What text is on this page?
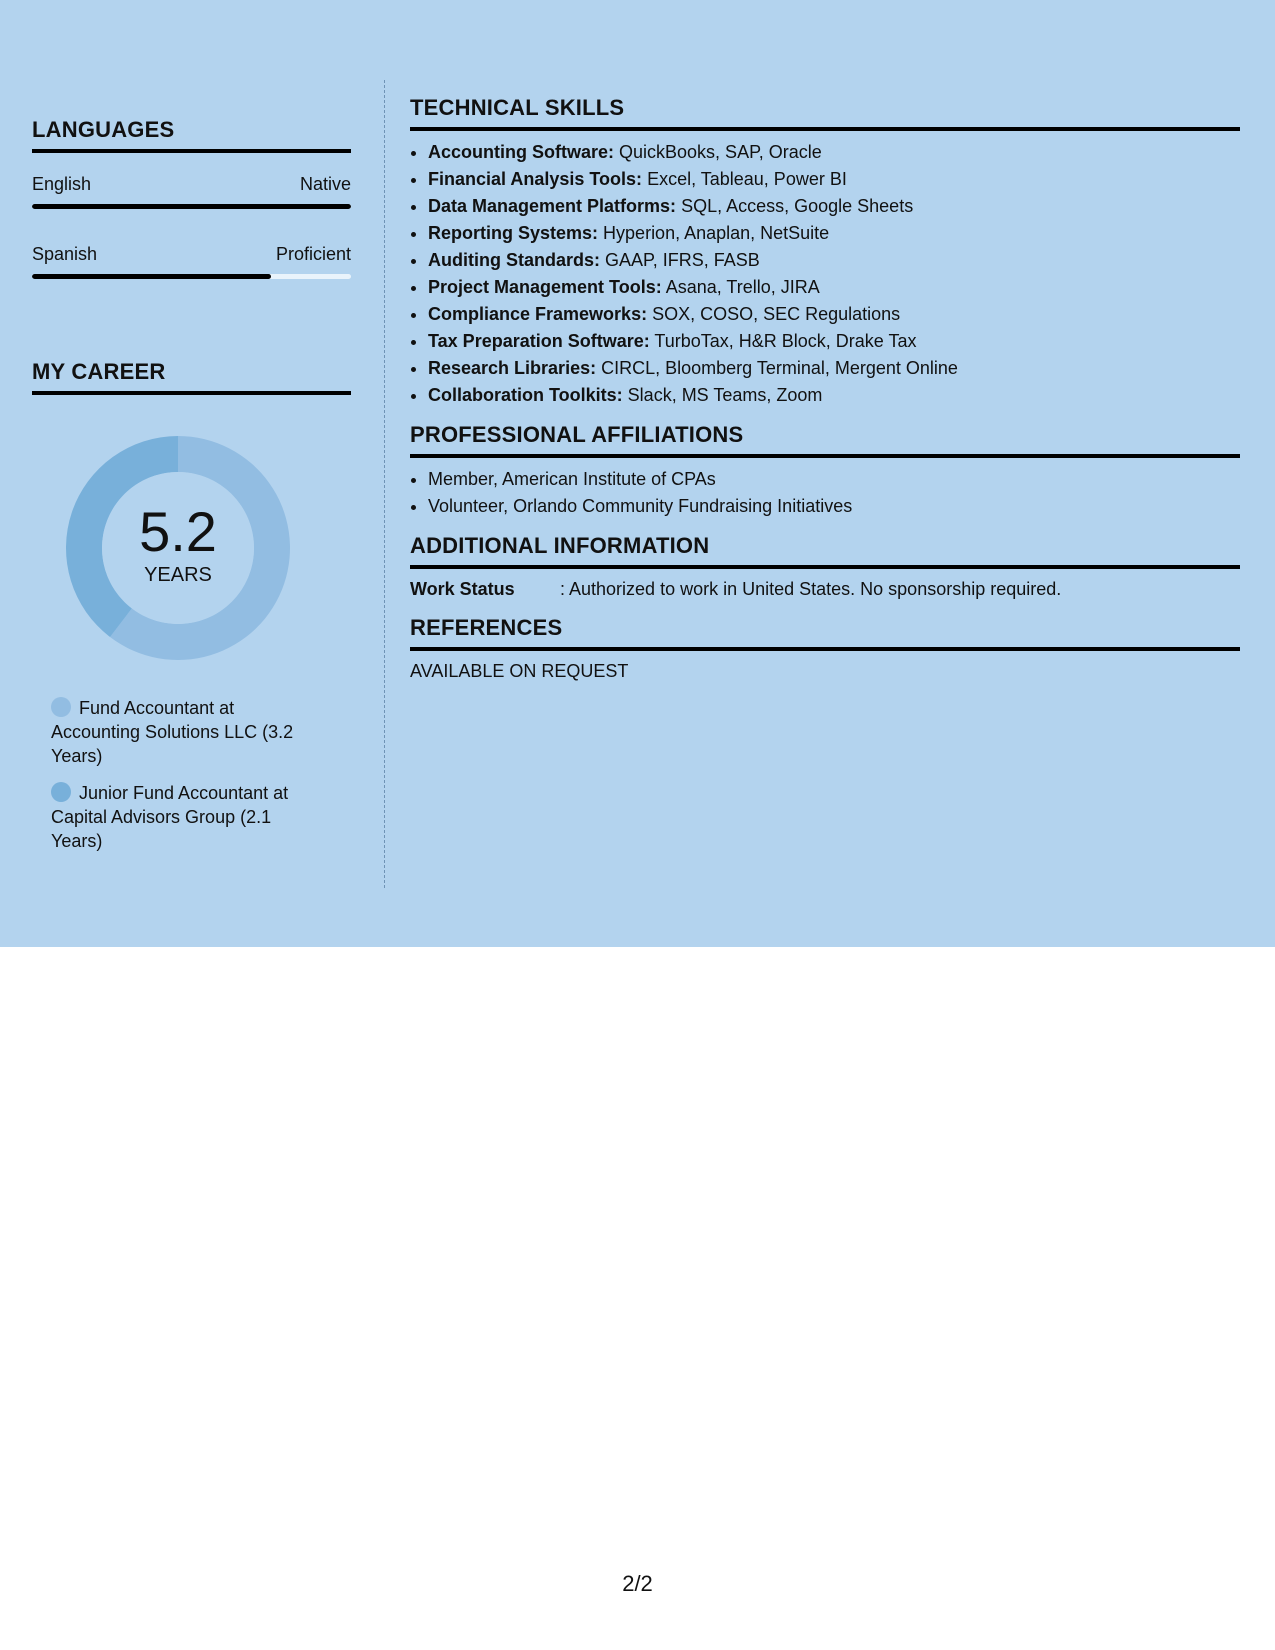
LANGUAGES
English	Native
Spanish	Proficient
MY CAREER
5.2
YEARS
Fund Accountant at Accounting Solutions LLC (3.2 Years)
Junior Fund Accountant at Capital Advisors Group (2.1 Years)
TECHNICAL SKILLS
• Accounting Software: QuickBooks, SAP, Oracle
• Financial Analysis Tools: Excel, Tableau, Power BI
• Data Management Platforms: SQL, Access, Google Sheets
• Reporting Systems: Hyperion, Anaplan, NetSuite
• Auditing Standards: GAAP, IFRS, FASB
• Project Management Tools: Asana, Trello, JIRA
• Compliance Frameworks: SOX, COSO, SEC Regulations
• Tax Preparation Software: TurboTax, H&R Block, Drake Tax
• Research Libraries: CIRCL, Bloomberg Terminal, Mergent Online
• Collaboration Toolkits: Slack, MS Teams, Zoom
PROFESSIONAL AFFILIATIONS
• Member, American Institute of CPAs
• Volunteer, Orlando Community Fundraising Initiatives
ADDITIONAL INFORMATION
Work Status	: Authorized to work in United States. No sponsorship required.
REFERENCES
AVAILABLE ON REQUEST
2/2
